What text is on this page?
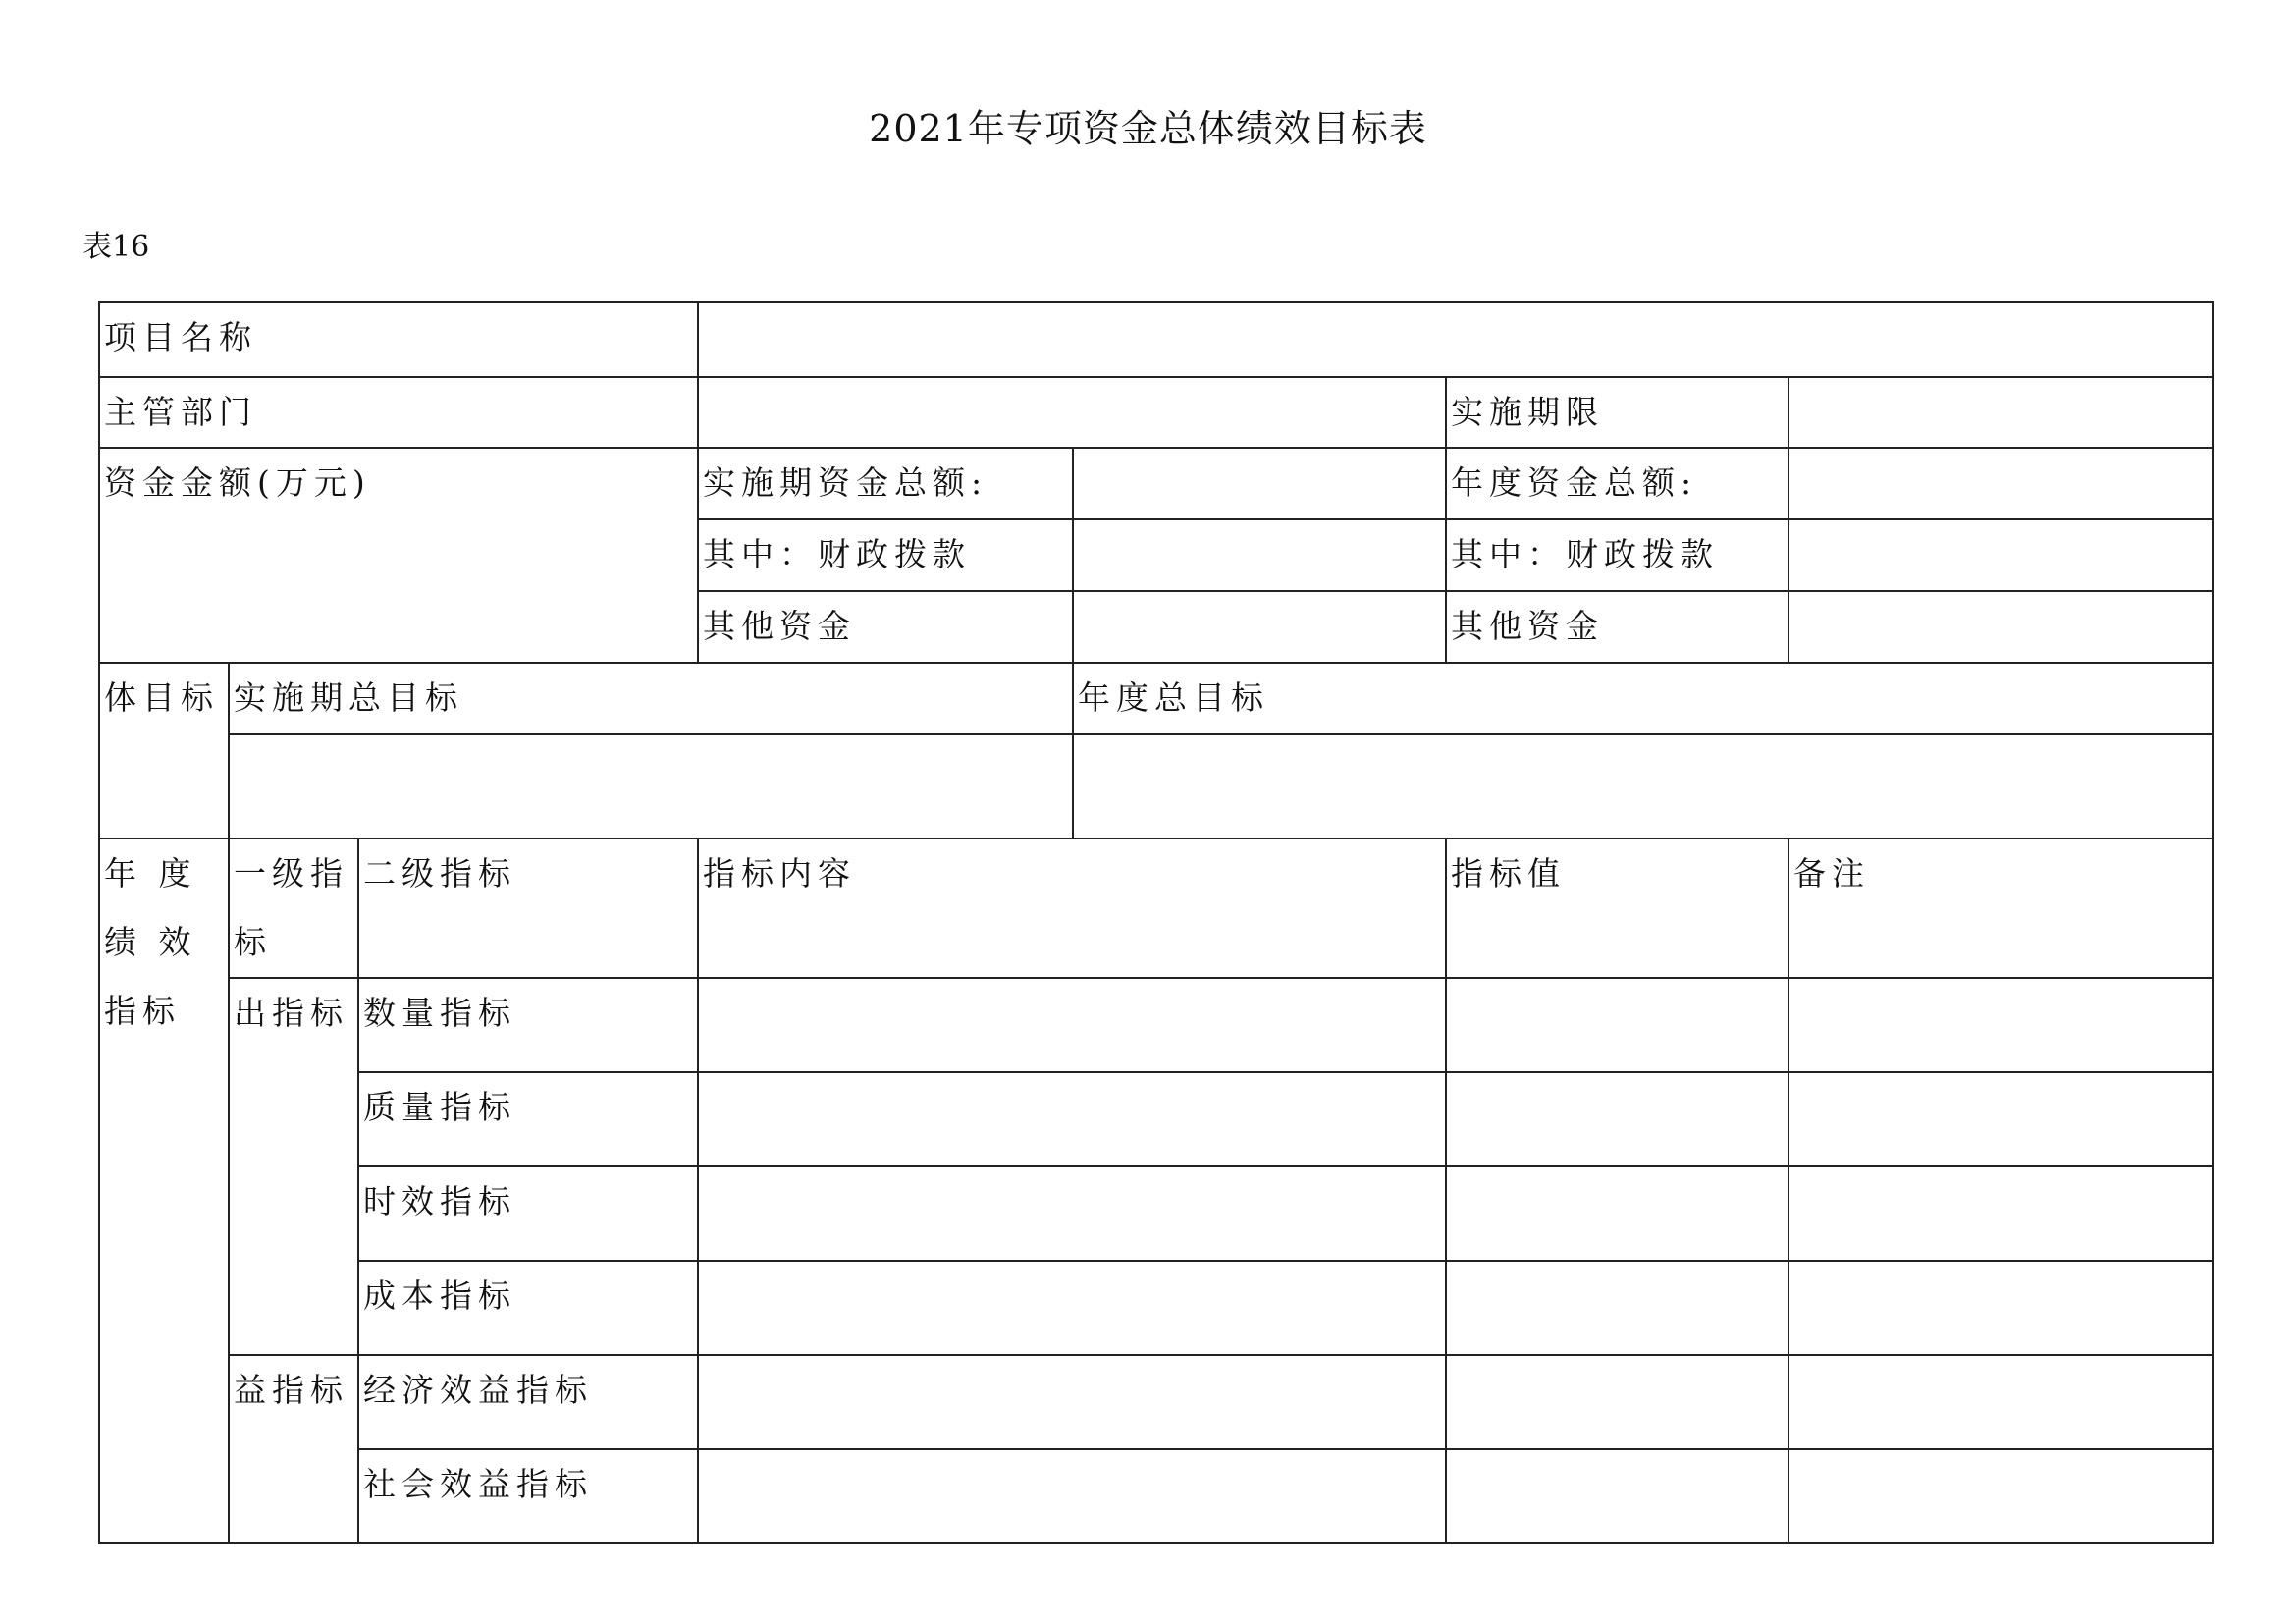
2021年专项资金总体绩效目标表
表16
项目名称						

主管部门					实施期限	

资金金额(万元)			实施期资金总额:		年度资金总额:	

			其中：财政拨款		其中：财政拨款	

			其他资金		其他资金	

体目标	实施期总目标			年度总目标		

年 度 绩 效指标	一级指标	二级指标	指标内容		指标值	备注

	出指标	数量指标				

		质量指标				

		时效指标				

		成本指标				

	益指标	经济效益指标				

		社会效益指标				
